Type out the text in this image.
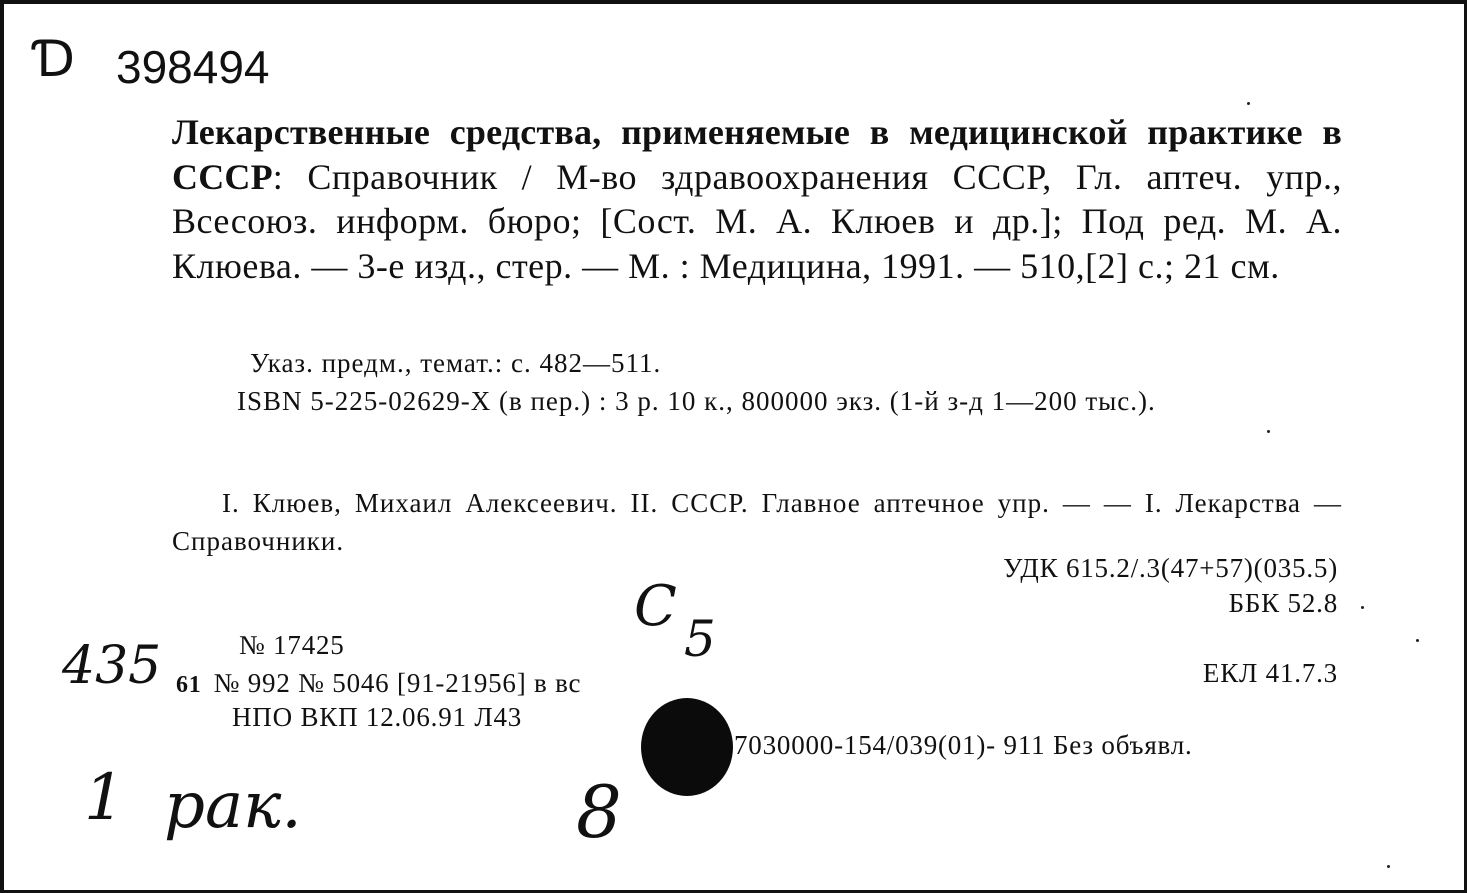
Ɗ 398494
Лекарственные средства, применяемые в медицинской практике в СССР: Справочник / М-во здравоохранения СССР, Гл. аптеч. упр., Всесоюз. информ. бюро; [Сост. М. А. Клюев и др.]; Под ред. М. А. Клюева. — 3-е изд., стер. — М. : Медицина, 1991. — 510,[2] с.; 21 см.
Указ. предм., темат.: с. 482—511.
ISBN 5-225-02629-X (в пер.) : 3 р. 10 к., 800000 экз. (1-й з-д 1—200 тыс.).
I. Клюев, Михаил Алексеевич. II. СССР. Главное аптечное упр. — — I. Лекарства — Справочники.
УДК 615.2/.3(47+57)(035.5)
ББК 52.8
ЕКЛ 41.7.3
№ 17425
61 № 992 № 5046 [91-21956] в вс
НПО ВКП 12.06.91 Л43
7030000-154/039(01)- 911 Без объявл.
С 5
435
1 рак.	8
